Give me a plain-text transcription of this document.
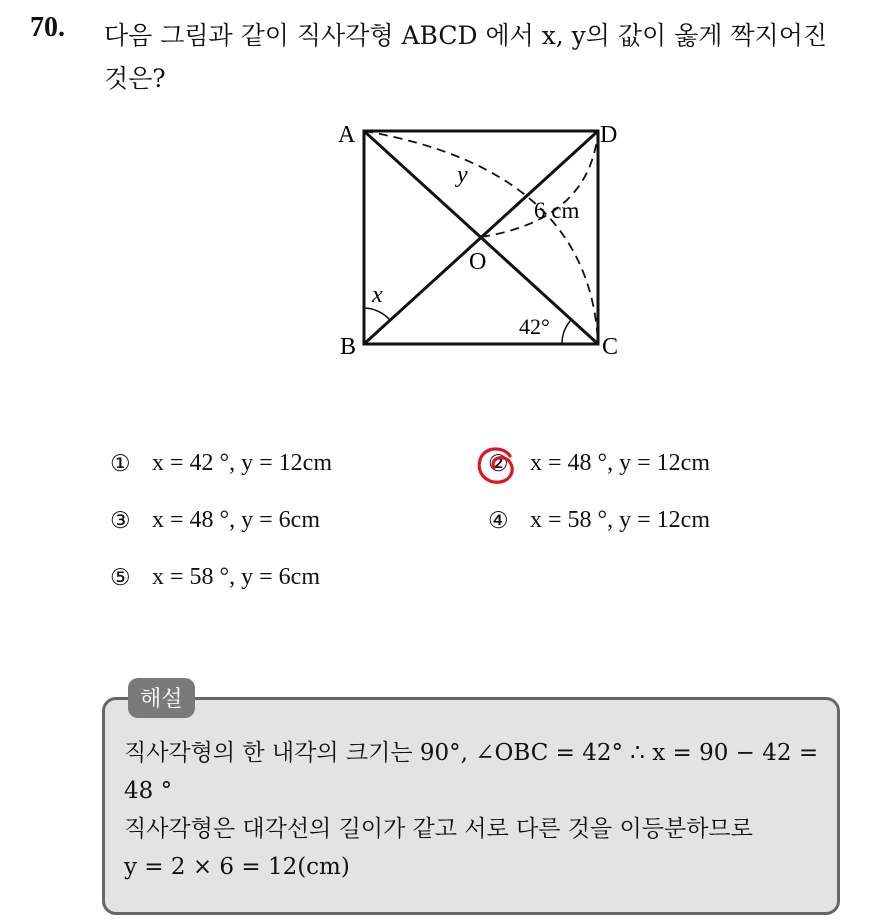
70. 다음 그림과 같이 직사각형 ABCD 에서 x, y의 값이 옳게 짝지어진
것은?
A	D
B	C
O
y
6 cm
x
42°
① x = 42 °, y = 12cm	② x = 48 °, y = 12cm
③ x = 48 °, y = 6cm	④ x = 58 °, y = 12cm
⑤ x = 58 °, y = 6cm
해설
직사각형의 한 내각의 크기는 90°, ∠OBC = 42° ∴ x = 90 − 42 =
48 °
직사각형은 대각선의 길이가 같고 서로 다른 것을 이등분하므로
y = 2 × 6 = 12(cm)
